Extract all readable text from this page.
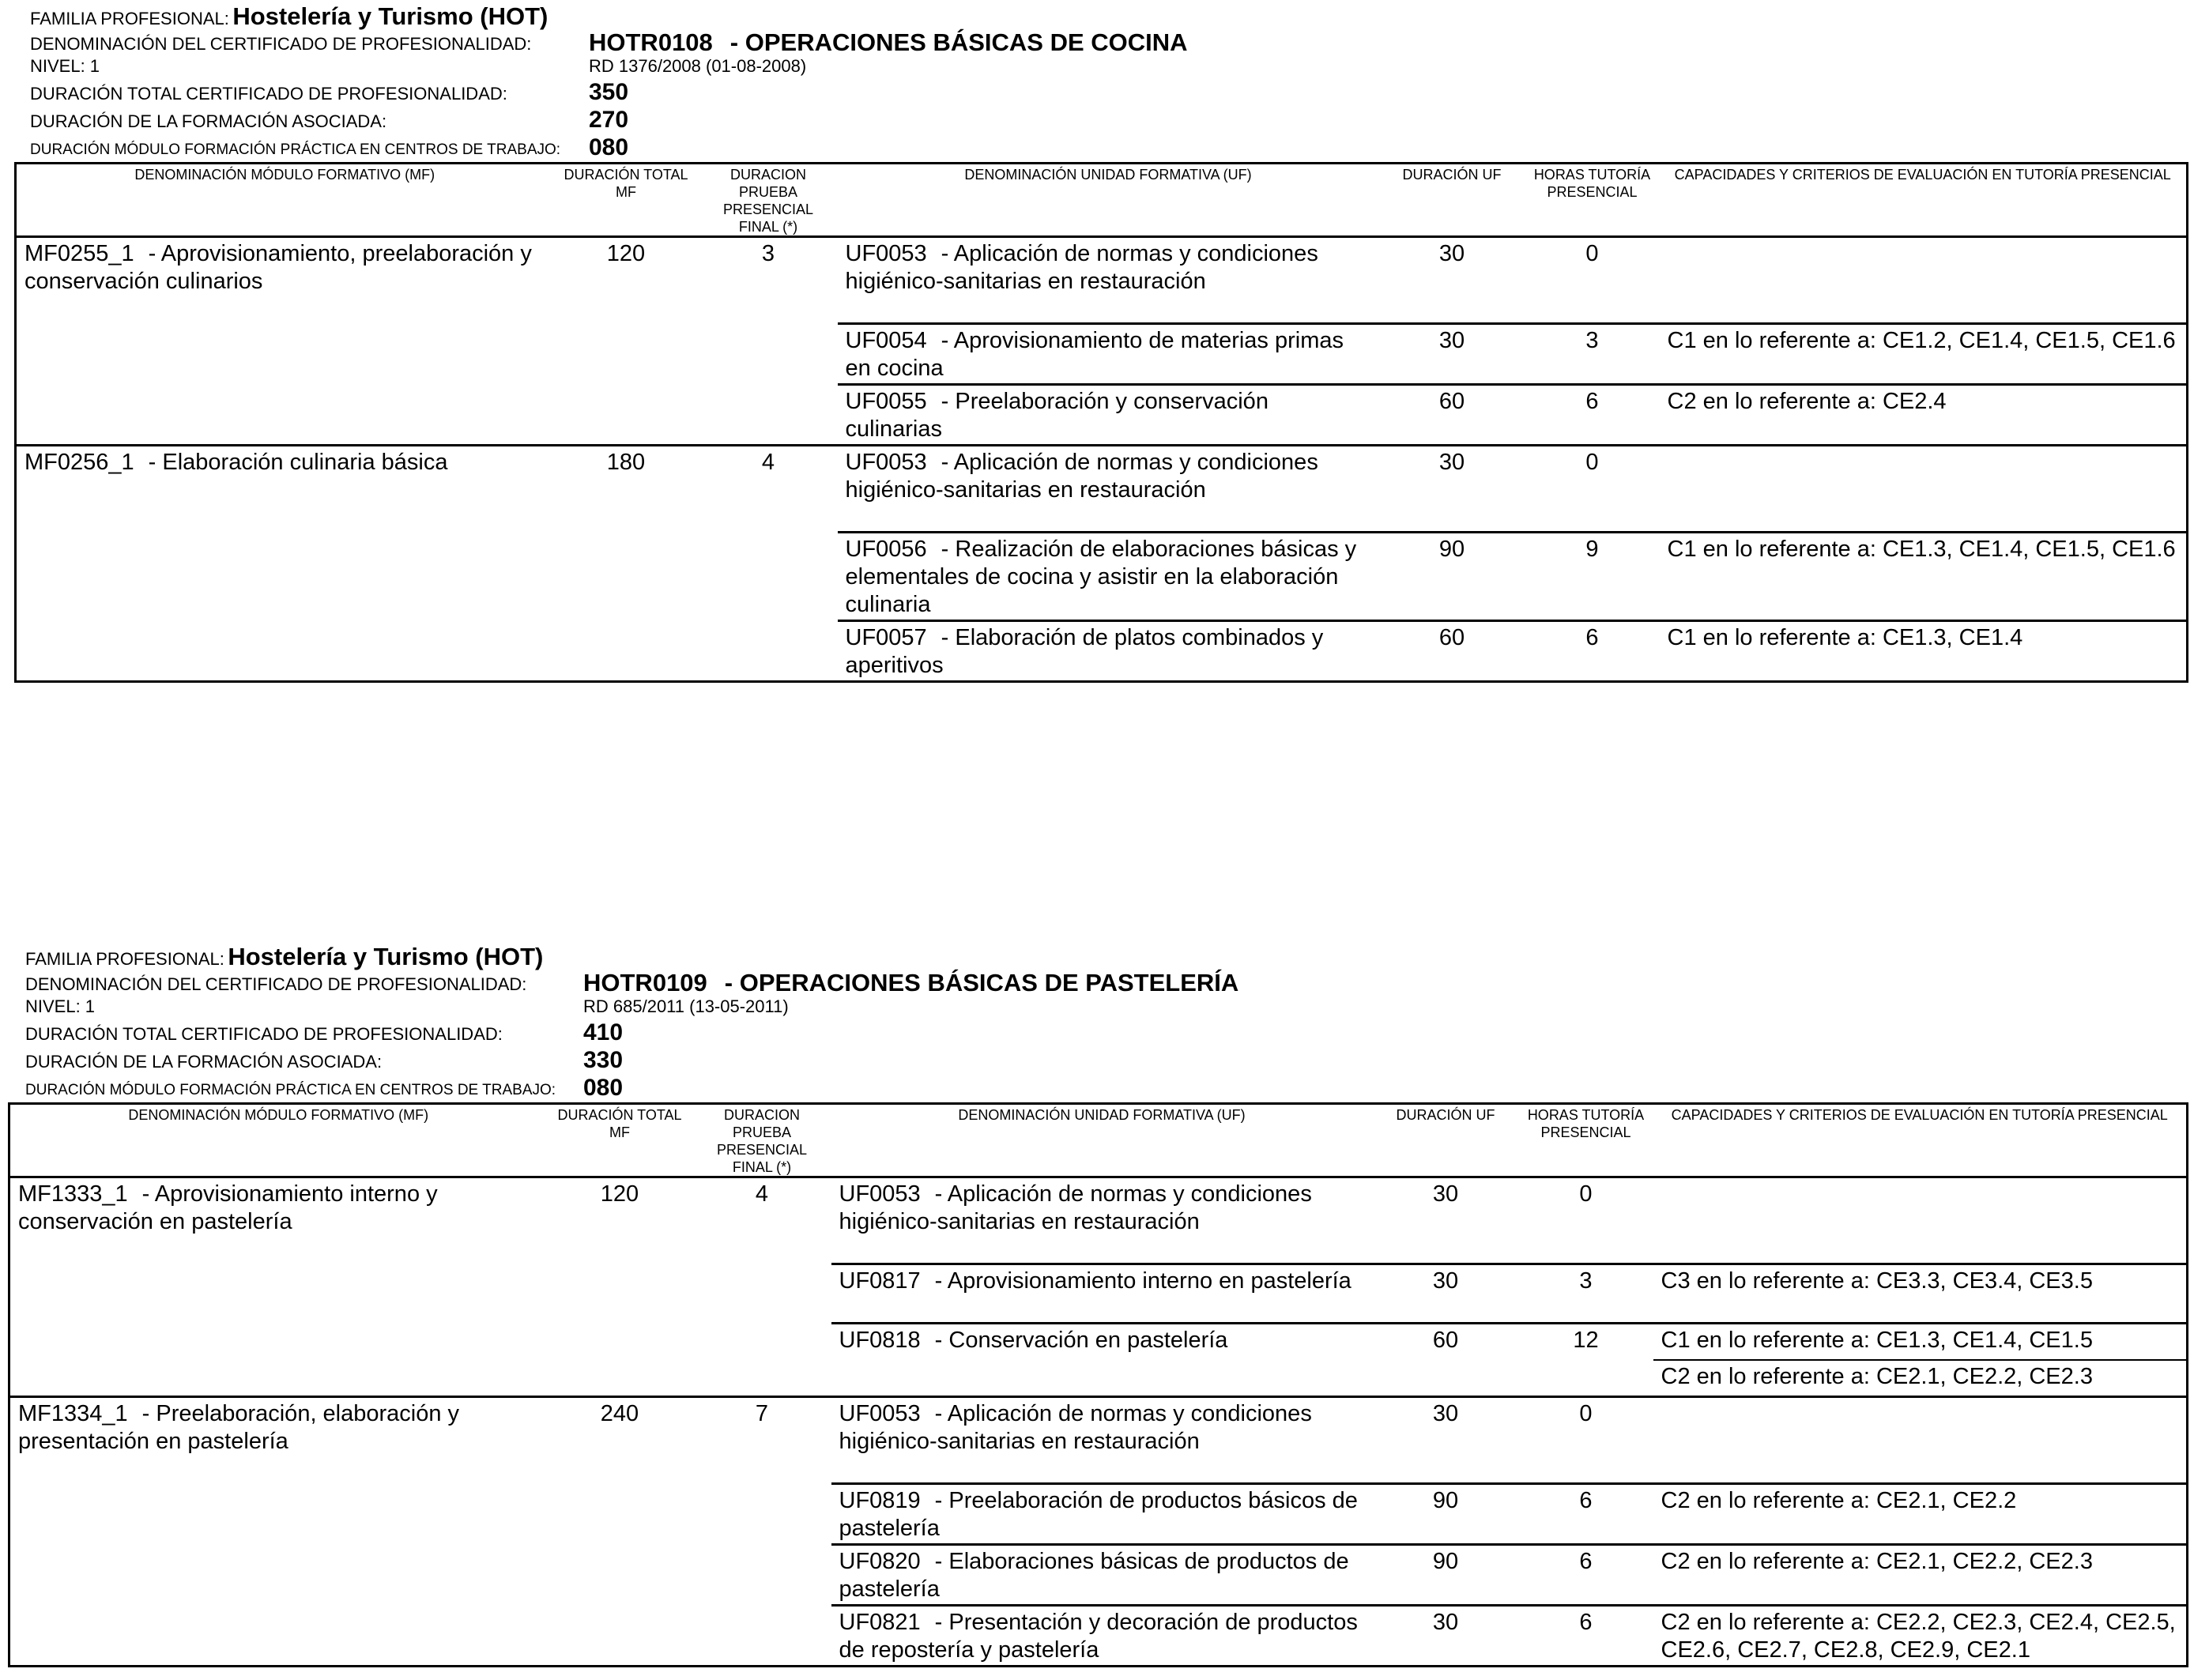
FAMILIA PROFESIONAL: Hostelería y Turismo (HOT)
DENOMINACIÓN DEL CERTIFICADO DE PROFESIONALIDAD: HOTR0108 - OPERACIONES BÁSICAS DE COCINA
NIVEL: 1	RD 1376/2008 (01-08-2008)
DURACIÓN TOTAL CERTIFICADO DE PROFESIONALIDAD:	350
DURACIÓN DE LA FORMACIÓN ASOCIADA:	270
DURACIÓN MÓDULO FORMACIÓN PRÁCTICA EN CENTROS DE TRABAJO: 080
DENOMINACIÓN MÓDULO FORMATIVO (MF)	DURACIÓN TOTAL MF	DURACION PRUEBA PRESENCIAL FINAL (*)	DENOMINACIÓN UNIDAD FORMATIVA (UF)	DURACIÓN UF	HORAS TUTORÍA PRESENCIAL	CAPACIDADES Y CRITERIOS DE EVALUACIÓN EN TUTORÍA PRESENCIAL
MF0255_1 - Aprovisionamiento, preelaboración y conservación culinarios	120	3	UF0053 - Aplicación de normas y condiciones higiénico-sanitarias en restauración	30	0	
			UF0054 - Aprovisionamiento de materias primas en cocina	30	3	C1 en lo referente a: CE1.2, CE1.4, CE1.5, CE1.6
			UF0055 - Preelaboración y conservación culinarias	60	6	C2 en lo referente a: CE2.4
MF0256_1 - Elaboración culinaria básica	180	4	UF0053 - Aplicación de normas y condiciones higiénico-sanitarias en restauración	30	0	
			UF0056 - Realización de elaboraciones básicas y elementales de cocina y asistir en la elaboración culinaria	90	9	C1 en lo referente a: CE1.3, CE1.4, CE1.5, CE1.6
			UF0057 - Elaboración de platos combinados y aperitivos	60	6	C1 en lo referente a: CE1.3, CE1.4
FAMILIA PROFESIONAL: Hostelería y Turismo (HOT)
DENOMINACIÓN DEL CERTIFICADO DE PROFESIONALIDAD: HOTR0109 - OPERACIONES BÁSICAS DE PASTELERÍA
NIVEL: 1	RD 685/2011 (13-05-2011)
DURACIÓN TOTAL CERTIFICADO DE PROFESIONALIDAD:	410
DURACIÓN DE LA FORMACIÓN ASOCIADA:	330
DURACIÓN MÓDULO FORMACIÓN PRÁCTICA EN CENTROS DE TRABAJO: 080
DENOMINACIÓN MÓDULO FORMATIVO (MF)	DURACIÓN TOTAL MF	DURACION PRUEBA PRESENCIAL FINAL (*)	DENOMINACIÓN UNIDAD FORMATIVA (UF)	DURACIÓN UF	HORAS TUTORÍA PRESENCIAL	CAPACIDADES Y CRITERIOS DE EVALUACIÓN EN TUTORÍA PRESENCIAL
MF1333_1 - Aprovisionamiento interno y conservación en pastelería	120	4	UF0053 - Aplicación de normas y condiciones higiénico-sanitarias en restauración	30	0	
			UF0817 - Aprovisionamiento interno en pastelería	30	3	C3 en lo referente a: CE3.3, CE3.4, CE3.5
			UF0818 - Conservación en pastelería	60	12	C1 en lo referente a: CE1.3, CE1.4, CE1.5
						C2 en lo referente a: CE2.1, CE2.2, CE2.3
MF1334_1 - Preelaboración, elaboración y presentación en pastelería	240	7	UF0053 - Aplicación de normas y condiciones higiénico-sanitarias en restauración	30	0	
			UF0819 - Preelaboración de productos básicos de pastelería	90	6	C2 en lo referente a: CE2.1, CE2.2
			UF0820 - Elaboraciones básicas de productos de pastelería	90	6	C2 en lo referente a: CE2.1, CE2.2, CE2.3
			UF0821 - Presentación y decoración de productos de repostería y pastelería	30	6	C2 en lo referente a: CE2.2, CE2.3, CE2.4, CE2.5, CE2.6, CE2.7, CE2.8, CE2.9, CE2.1
